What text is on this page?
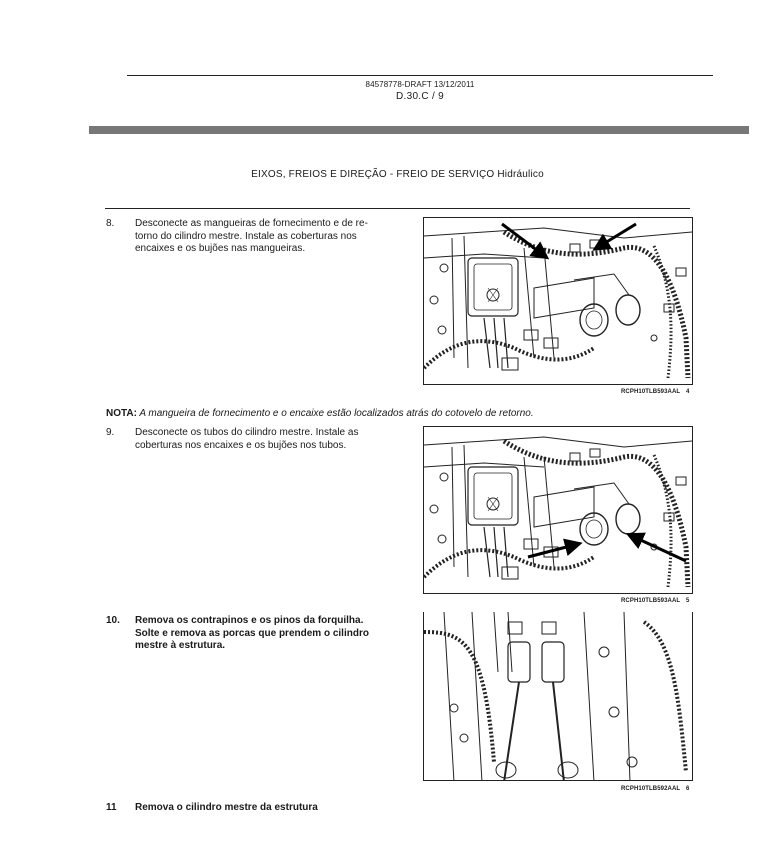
84578778-DRAFT 13/12/2011
D.30.C / 9
EIXOS, FREIOS E DIREÇÃO - FREIO DE SERVIÇO Hidráulico
8. Desconecte as mangueiras de fornecimento e de re-
torno do cilindro mestre. Instale as coberturas nos
encaixes e os bujões nas mangueiras.
RCPH10TLB593AAL 4
NOTA: A mangueira de fornecimento e o encaixe estão localizados atrás do cotovelo de retorno.
9. Desconecte os tubos do cilindro mestre. Instale as
coberturas nos encaixes e os bujões nos tubos.
RCPH10TLB593AAL 5
10. Remova os contrapinos e os pinos da forquilha.
Solte e remova as porcas que prendem o cilindro
mestre à estrutura.
RCPH10TLB592AAL 6
11 Remova o cilindro mestre da estrutura
